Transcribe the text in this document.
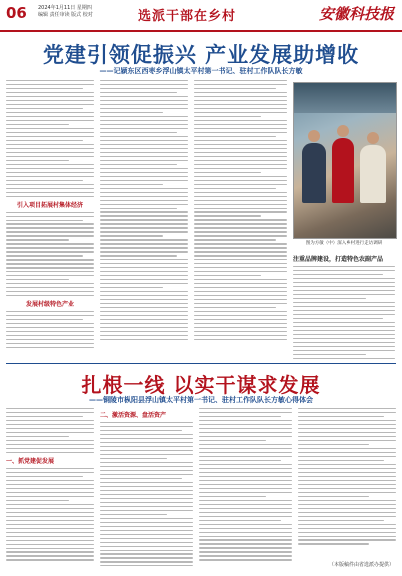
06 2024年1月11日 星期四
编辑 责任审读 版式 校对	选派干部在乡村	安徽科技报
党建引领促振兴 产业发展助增收
——记颍东区西枣乡浮山镇太平村第一书记、驻村工作队队长方敏
引入项目拓展村集体经济
发展村级特色产业
图为方敏（中）深入乡村进行走访调研
注重品牌建设，打造特色农副产品
扎根一线 以实干谋求发展
——铜陵市枞阳县浮山镇太平村第一书记、驻村工作队队长方敏心得体会
一、抓党建促发展
二、激活资源、盘活资产
（本版稿件由省选派办提供）
